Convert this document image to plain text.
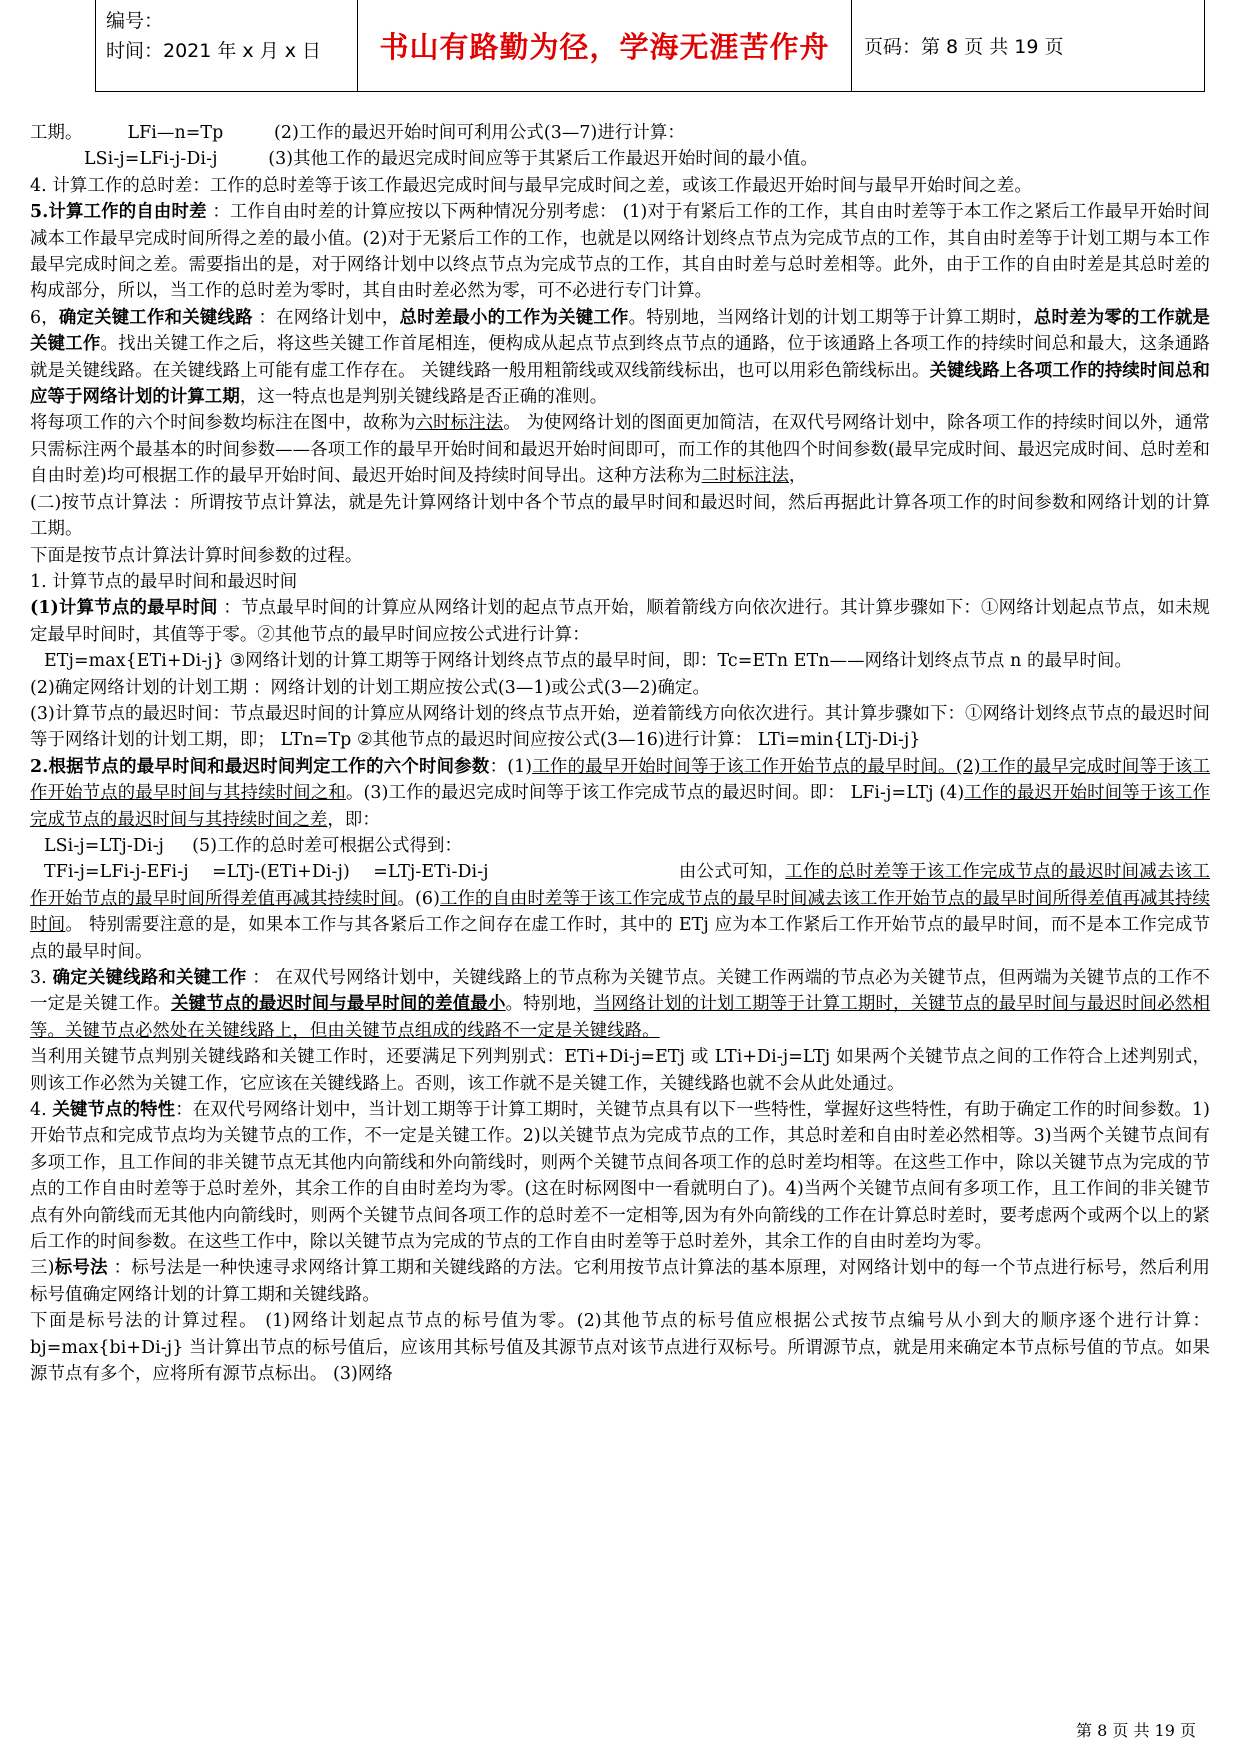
编号：
时间：2021 年 x 月 x 日	书山有路勤为径，学海无涯苦作舟	页码：第 8 页 共 19 页

工期。        LFi—n=Tp         (2)工作的最迟开始时间可利用公式(3—7)进行计算：

LSi-j=LFi-j-Di-j         (3)其他工作的最迟完成时间应等于其紧后工作最迟开始时间的最小值。

4. 计算工作的总时差：工作的总时差等于该工作最迟完成时间与最早完成时间之差，或该工作最迟开始时间与最早开始时间之差。

5.计算工作的自由时差 ：工作自由时差的计算应按以下两种情况分别考虑： (1)对于有紧后工作的工作，其自由时差等于本工作之紧后工作最早开始时间减本工作最早完成时间所得之差的最小值。(2)对于无紧后工作的工作，也就是以网络计划终点节点为完成节点的工作，其自由时差等于计划工期与本工作最早完成时间之差。需要指出的是，对于网络计划中以终点节点为完成节点的工作，其自由时差与总时差相等。此外，由于工作的自由时差是其总时差的构成部分，所以，当工作的总时差为零时，其自由时差必然为零，可不必进行专门计算。

6，确定关键工作和关键线路 ：在网络计划中，总时差最小的工作为关键工作。特别地，当网络计划的计划工期等于计算工期时，总时差为零的工作就是关键工作。找出关键工作之后，将这些关键工作首尾相连，便构成从起点节点到终点节点的通路，位于该通路上各项工作的持续时间总和最大，这条通路就是关键线路。在关键线路上可能有虚工作存在。 关键线路一般用粗箭线或双线箭线标出，也可以用彩色箭线标出。关键线路上各项工作的持续时间总和应等于网络计划的计算工期，这一特点也是判别关键线路是否正确的准则。

将每项工作的六个时间参数均标注在图中，故称为六时标注法。 为使网络计划的图面更加简洁，在双代号网络计划中，除各项工作的持续时间以外，通常只需标注两个最基本的时间参数——各项工作的最早开始时间和最迟开始时间即可，而工作的其他四个时间参数(最早完成时间、最迟完成时间、总时差和自由时差)均可根据工作的最早开始时间、最迟开始时间及持续时间导出。这种方法称为二时标注法，

(二)按节点计算法 ：所谓按节点计算法，就是先计算网络计划中各个节点的最早时间和最迟时间，然后再据此计算各项工作的时间参数和网络计划的计算工期。

下面是按节点计算法计算时间参数的过程。

1. 计算节点的最早时间和最迟时间

(1)计算节点的最早时间 ：节点最早时间的计算应从网络计划的起点节点开始，顺着箭线方向依次进行。其计算步骤如下：①网络计划起点节点，如未规定最早时间时，其值等于零。②其他节点的最早时间应按公式进行计算：

ETj=max{ETi+Di-j} ③网络计划的计算工期等于网络计划终点节点的最早时间，即：Tc=ETn ETn——网络计划终点节点 n 的最早时间。

(2)确定网络计划的计划工期 ：网络计划的计划工期应按公式(3—1)或公式(3—2)确定。

(3)计算节点的最迟时间：节点最迟时间的计算应从网络计划的终点节点开始，逆着箭线方向依次进行。其计算步骤如下：①网络计划终点节点的最迟时间等于网络计划的计划工期，即； LTn=Tp ②其他节点的最迟时间应按公式(3—16)进行计算： LTi=min{LTj-Di-j}

2.根据节点的最早时间和最迟时间判定工作的六个时间参数：(1)工作的最早开始时间等于该工作开始节点的最早时间。(2)工作的最早完成时间等于该工作开始节点的最早时间与其持续时间之和。(3)工作的最迟完成时间等于该工作完成节点的最迟时间。即： LFi-j=LTj (4)工作的最迟开始时间等于该工作完成节点的最迟时间与其持续时间之差，即：

LSi-j=LTj-Di-j     (5)工作的总时差可根据公式得到：

TFi-j=LFi-j-EFi-j    =LTj-(ETi+Di-j)    =LTj-ETi-Di-j	由公式可知，工作的总时差等于该工作完成节点的最迟时间减去该工作开始节点的最早时间所得差值再减其持续时间。(6)工作的自由时差等于该工作完成节点的最早时间减去该工作开始节点的最早时间所得差值再减其持续时间。 特别需要注意的是，如果本工作与其各紧后工作之间存在虚工作时，其中的 ETj 应为本工作紧后工作开始节点的最早时间，而不是本工作完成节点的最早时间。

3. 确定关键线路和关键工作 ： 在双代号网络计划中，关键线路上的节点称为关键节点。关键工作两端的节点必为关键节点，但两端为关键节点的工作不一定是关键工作。关键节点的最迟时间与最早时间的差值最小。特别地，当网络计划的计划工期等于计算工期时，关键节点的最早时间与最迟时间必然相等。关键节点必然处在关键线路上，但由关键节点组成的线路不一定是关键线路。

当利用关键节点判别关键线路和关键工作时，还要满足下列判别式：ETi+Di-j=ETj 或 LTi+Di-j=LTj 如果两个关键节点之间的工作符合上述判别式，则该工作必然为关键工作，它应该在关键线路上。否则，该工作就不是关键工作，关键线路也就不会从此处通过。

4. 关键节点的特性：在双代号网络计划中，当计划工期等于计算工期时，关键节点具有以下一些特性，掌握好这些特性，有助于确定工作的时间参数。1)开始节点和完成节点均为关键节点的工作，不一定是关键工作。2)以关键节点为完成节点的工作，其总时差和自由时差必然相等。3)当两个关键节点间有多项工作，且工作间的非关键节点无其他内向箭线和外向箭线时，则两个关键节点间各项工作的总时差均相等。在这些工作中，除以关键节点为完成的节点的工作自由时差等于总时差外，其余工作的自由时差均为零。(这在时标网图中一看就明白了)。4)当两个关键节点间有多项工作，且工作间的非关键节点有外向箭线而无其他内向箭线时，则两个关键节点间各项工作的总时差不一定相等,因为有外向箭线的工作在计算总时差时，要考虑两个或两个以上的紧后工作的时间参数。在这些工作中，除以关键节点为完成的节点的工作自由时差等于总时差外，其余工作的自由时差均为零。

三)标号法 ：标号法是一种快速寻求网络计算工期和关键线路的方法。它利用按节点计算法的基本原理，对网络计划中的每一个节点进行标号，然后利用标号值确定网络计划的计算工期和关键线路。

下面是标号法的计算过程。 (1)网络计划起点节点的标号值为零。(2)其他节点的标号值应根据公式按节点编号从小到大的顺序逐个进行计算： bj=max{bi+Di-j} 当计算出节点的标号值后，应该用其标号值及其源节点对该节点进行双标号。所谓源节点，就是用来确定本节点标号值的节点。如果源节点有多个，应将所有源节点标出。 (3)网络

第 8 页 共 19 页
